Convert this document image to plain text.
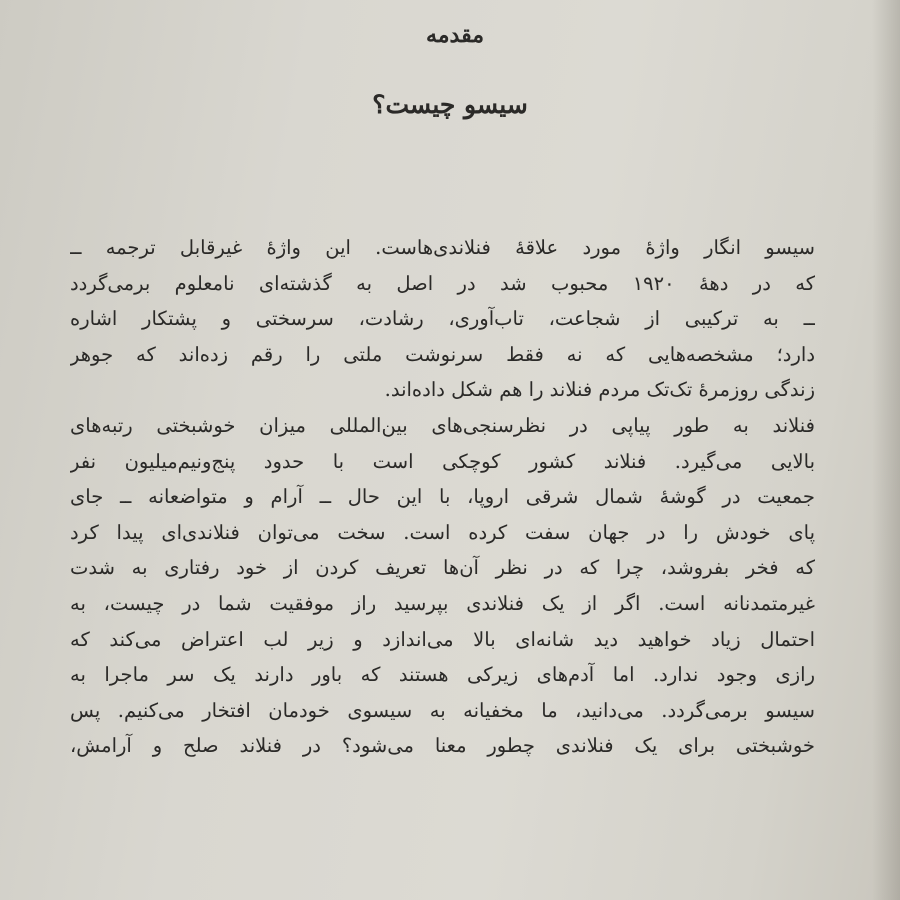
مقدمه
سیسو چیست؟
سیسو انگار واژهٔ مورد علاقهٔ فنلاندی‌هاست. این واژهٔ غیرقابل ترجمه ــ
که در دهۀ ۱۹۲۰ محبوب شد در اصل به گذشته‌ای نامعلوم برمی‌گردد
ــ به ترکیبی از شجاعت، تاب‌آوری، رشادت، سرسختی و پشتکار اشاره
دارد؛ مشخصه‌هایی که نه فقط سرنوشت ملتی را رقم زده‌اند که جوهر
زندگی روزمرهٔ تک‌تک مردم فنلاند را هم شکل داده‌اند.
فنلاند به طور پیاپی در نظرسنجی‌های بین‌المللی میزان خوشبختی رتبه‌های
بالایی می‌گیرد. فنلاند کشور کوچکی است با حدود پنج‌ونیم‌میلیون نفر
جمعیت در گوشهٔ شمال شرقی اروپا، با این حال ــ آرام و متواضعانه ــ جای
پای خودش را در جهان سفت کرده است. سخت می‌توان فنلاندی‌ای پیدا کرد
که فخر بفروشد، چرا که در نظر آن‌ها تعریف کردن از خود رفتاری به شدت
غیرمتمدنانه است. اگر از یک فنلاندی بپرسید راز موفقیت شما در چیست، به
احتمال زیاد خواهید دید شانه‌ای بالا می‌اندازد و زیر لب اعتراض می‌کند که
رازی وجود ندارد. اما آدم‌های زیرکی هستند که باور دارند یک سر ماجرا به
سیسو برمی‌گردد. می‌دانید، ما مخفیانه به سیسوی خودمان افتخار می‌کنیم. پس
خوشبختی برای یک فنلاندی چطور معنا می‌شود؟ در فنلاند صلح و آرامش،
